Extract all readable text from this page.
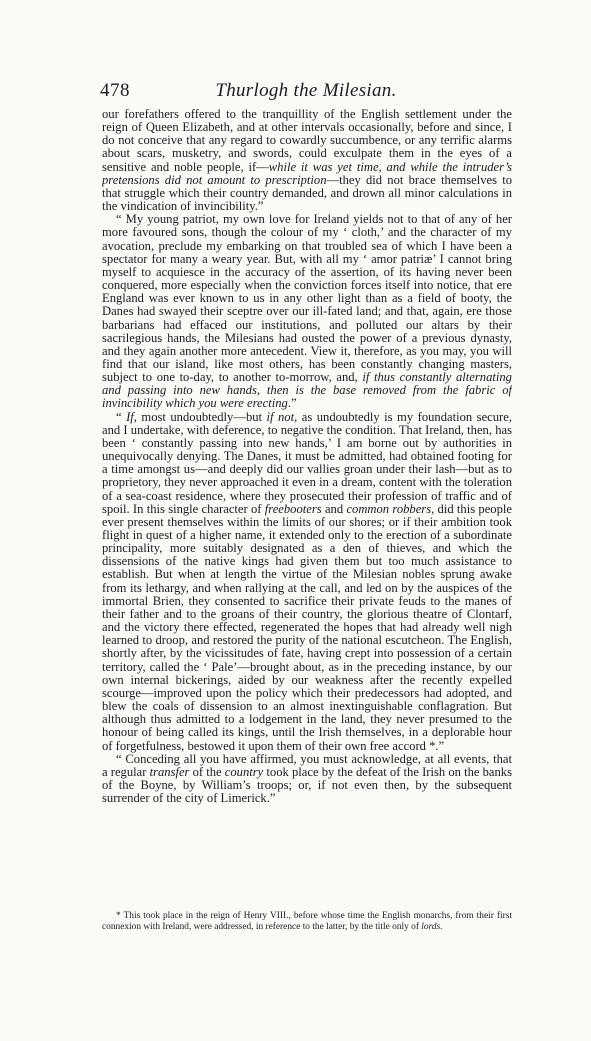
478	Thurlogh the Milesian.

our forefathers offered to the tranquillity of the English settlement under the reign of Queen Elizabeth, and at other intervals occasionally, before and since, I do not conceive that any regard to cowardly succumbence, or any terrific alarms about scars, musketry, and swords, could exculpate them in the eyes of a sensitive and noble people, if—while it was yet time, and while the intruder’s pretensions did not amount to prescription—they did not brace themselves to that struggle which their country demanded, and drown all minor calculations in the vindication of invincibility.”

“ My young patriot, my own love for Ireland yields not to that of any of her more favoured sons, though the colour of my ‘ cloth,’ and the character of my avocation, preclude my embarking on that troubled sea of which I have been a spectator for many a weary year. But, with all my ‘ amor patriæ’ I cannot bring myself to acquiesce in the accuracy of the assertion, of its having never been conquered, more especially when the conviction forces itself into notice, that ere England was ever known to us in any other light than as a field of booty, the Danes had swayed their sceptre over our ill-fated land; and that, again, ere those barbarians had effaced our institutions, and polluted our altars by their sacrilegious hands, the Milesians had ousted the power of a previous dynasty, and they again another more antecedent. View it, therefore, as you may, you will find that our island, like most others, has been constantly changing masters, subject to one to-day, to another to-morrow, and, if thus constantly alternating and passing into new hands, then is the base removed from the fabric of invincibility which you were erecting.”

“ If, most undoubtedly—but if not, as undoubtedly is my foundation secure, and I undertake, with deference, to negative the condition. That Ireland, then, has been ‘ constantly passing into new hands,’ I am borne out by authorities in unequivocally denying. The Danes, it must be admitted, had obtained footing for a time amongst us—and deeply did our vallies groan under their lash—but as to proprietory, they never approached it even in a dream, content with the toleration of a sea-coast residence, where they prosecuted their profession of traffic and of spoil. In this single character of freebooters and common robbers, did this people ever present themselves within the limits of our shores; or if their ambition took flight in quest of a higher name, it extended only to the erection of a subordinate principality, more suitably designated as a den of thieves, and which the dissensions of the native kings had given them but too much assistance to establish. But when at length the virtue of the Milesian nobles sprung awake from its lethargy, and when rallying at the call, and led on by the auspices of the immortal Brien, they consented to sacrifice their private feuds to the manes of their father and to the groans of their country, the glorious theatre of Clontarf, and the victory there effected, regenerated the hopes that had already well nigh learned to droop, and restored the purity of the national escutcheon. The English, shortly after, by the vicissitudes of fate, having crept into possession of a certain territory, called the ‘ Pale’—brought about, as in the preceding instance, by our own internal bickerings, aided by our weakness after the recently expelled scourge—improved upon the policy which their predecessors had adopted, and blew the coals of dissension to an almost inextinguishable conflagration. But although thus admitted to a lodgement in the land, they never presumed to the honour of being called its kings, until the Irish themselves, in a deplorable hour of forgetfulness, bestowed it upon them of their own free accord *.”

“ Conceding all you have affirmed, you must acknowledge, at all events, that a regular transfer of the country took place by the defeat of the Irish on the banks of the Boyne, by William’s troops; or, if not even then, by the subsequent surrender of the city of Limerick.”

* This took place in the reign of Henry VIII., before whose time the English monarchs, from their first connexion with Ireland, were addressed, in reference to the latter, by the title only of lords.
